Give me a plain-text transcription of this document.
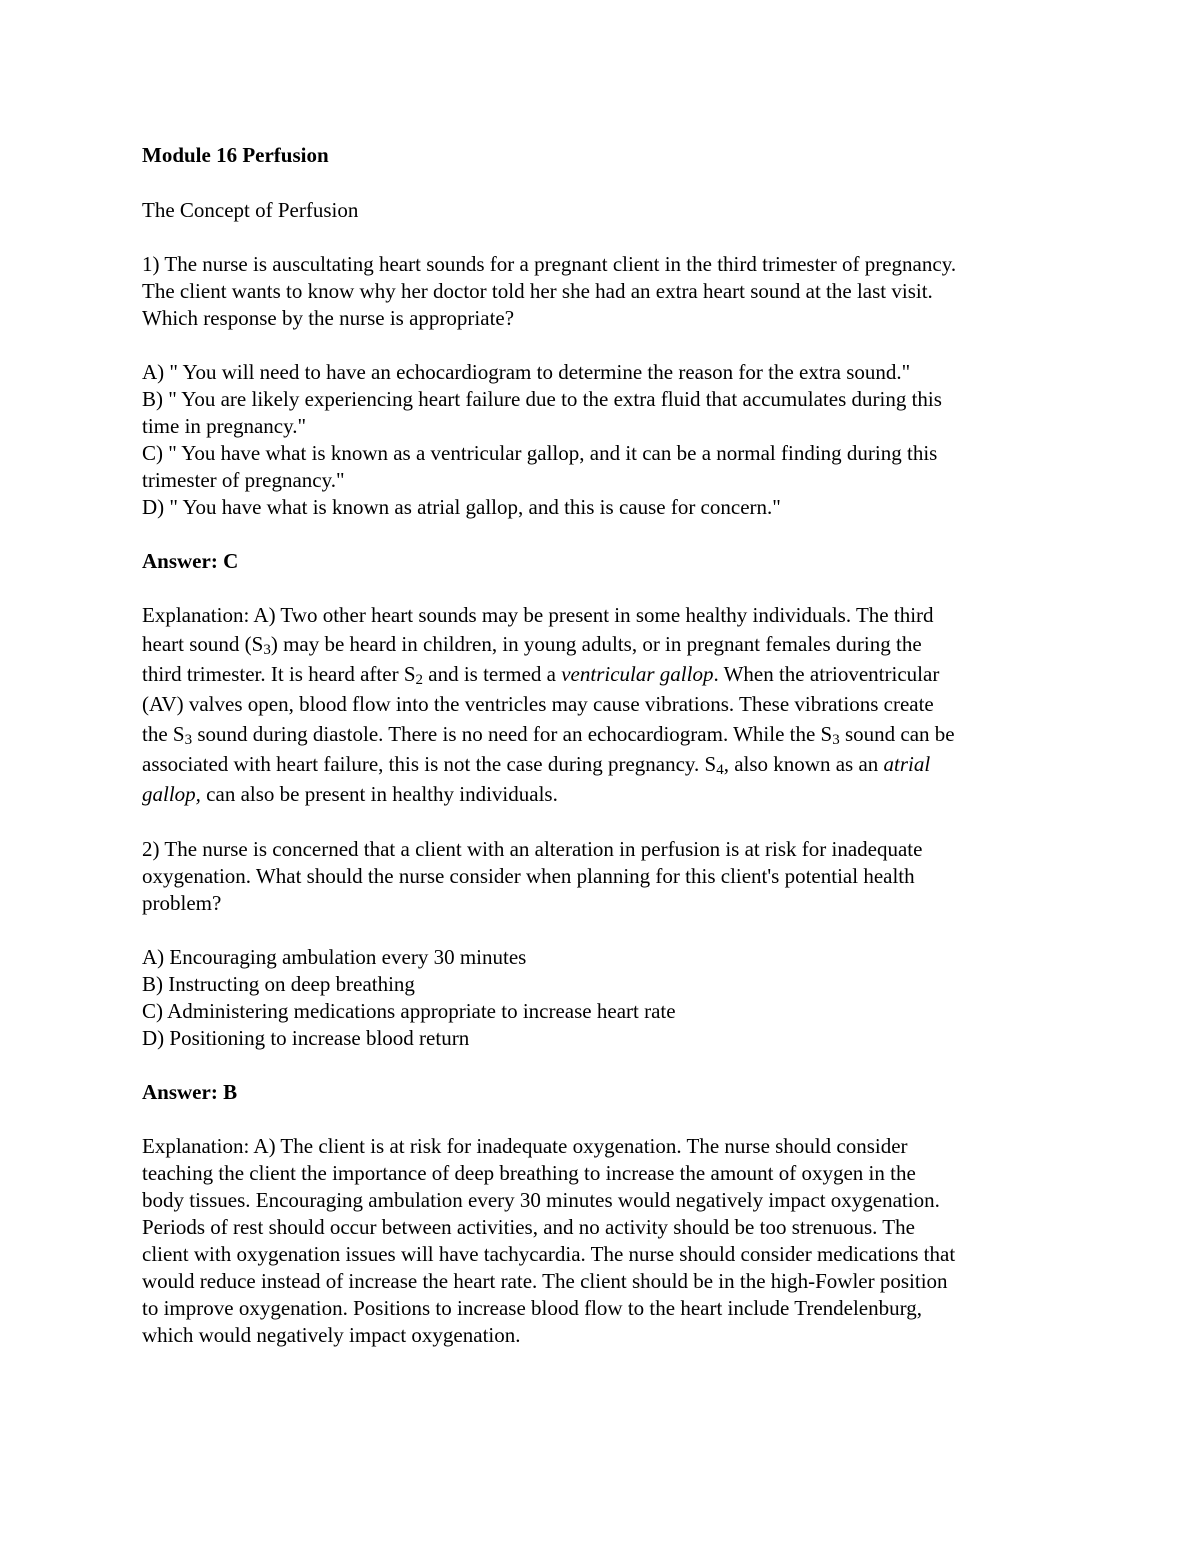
Module 16 Perfusion
The Concept of Perfusion
1) The nurse is auscultating heart sounds for a pregnant client in the third trimester of pregnancy.
The client wants to know why her doctor told her she had an extra heart sound at the last visit.
Which response by the nurse is appropriate?
A) " You will need to have an echocardiogram to determine the reason for the extra sound."
B) " You are likely experiencing heart failure due to the extra fluid that accumulates during this
time in pregnancy."
C) " You have what is known as a ventricular gallop, and it can be a normal finding during this
trimester of pregnancy."
D) " You have what is known as atrial gallop, and this is cause for concern."
Answer: C
Explanation: A) Two other heart sounds may be present in some healthy individuals. The third
heart sound $(S_3)$ may be heard in children, in young adults, or in pregnant females during the
third trimester. It is heard after $S_2$ and is termed a ventricular gallop. When the atrioventricular
(AV) valves open, blood flow into the ventricles may cause vibrations. These vibrations create
the $S_3$ sound during diastole. There is no need for an echocardiogram. While the $S_3$ sound can be
associated with heart failure, this is not the case during pregnancy. $S_4$, also known as an atrial
gallop, can also be present in healthy individuals.
2) The nurse is concerned that a client with an alteration in perfusion is at risk for inadequate
oxygenation. What should the nurse consider when planning for this client's potential health
problem?
A) Encouraging ambulation every 30 minutes
B) Instructing on deep breathing
C) Administering medications appropriate to increase heart rate
D) Positioning to increase blood return
Answer: B
Explanation: A) The client is at risk for inadequate oxygenation. The nurse should consider
teaching the client the importance of deep breathing to increase the amount of oxygen in the
body tissues. Encouraging ambulation every 30 minutes would negatively impact oxygenation.
Periods of rest should occur between activities, and no activity should be too strenuous. The
client with oxygenation issues will have tachycardia. The nurse should consider medications that
would reduce instead of increase the heart rate. The client should be in the high-Fowler position
to improve oxygenation. Positions to increase blood flow to the heart include Trendelenburg,
which would negatively impact oxygenation.
